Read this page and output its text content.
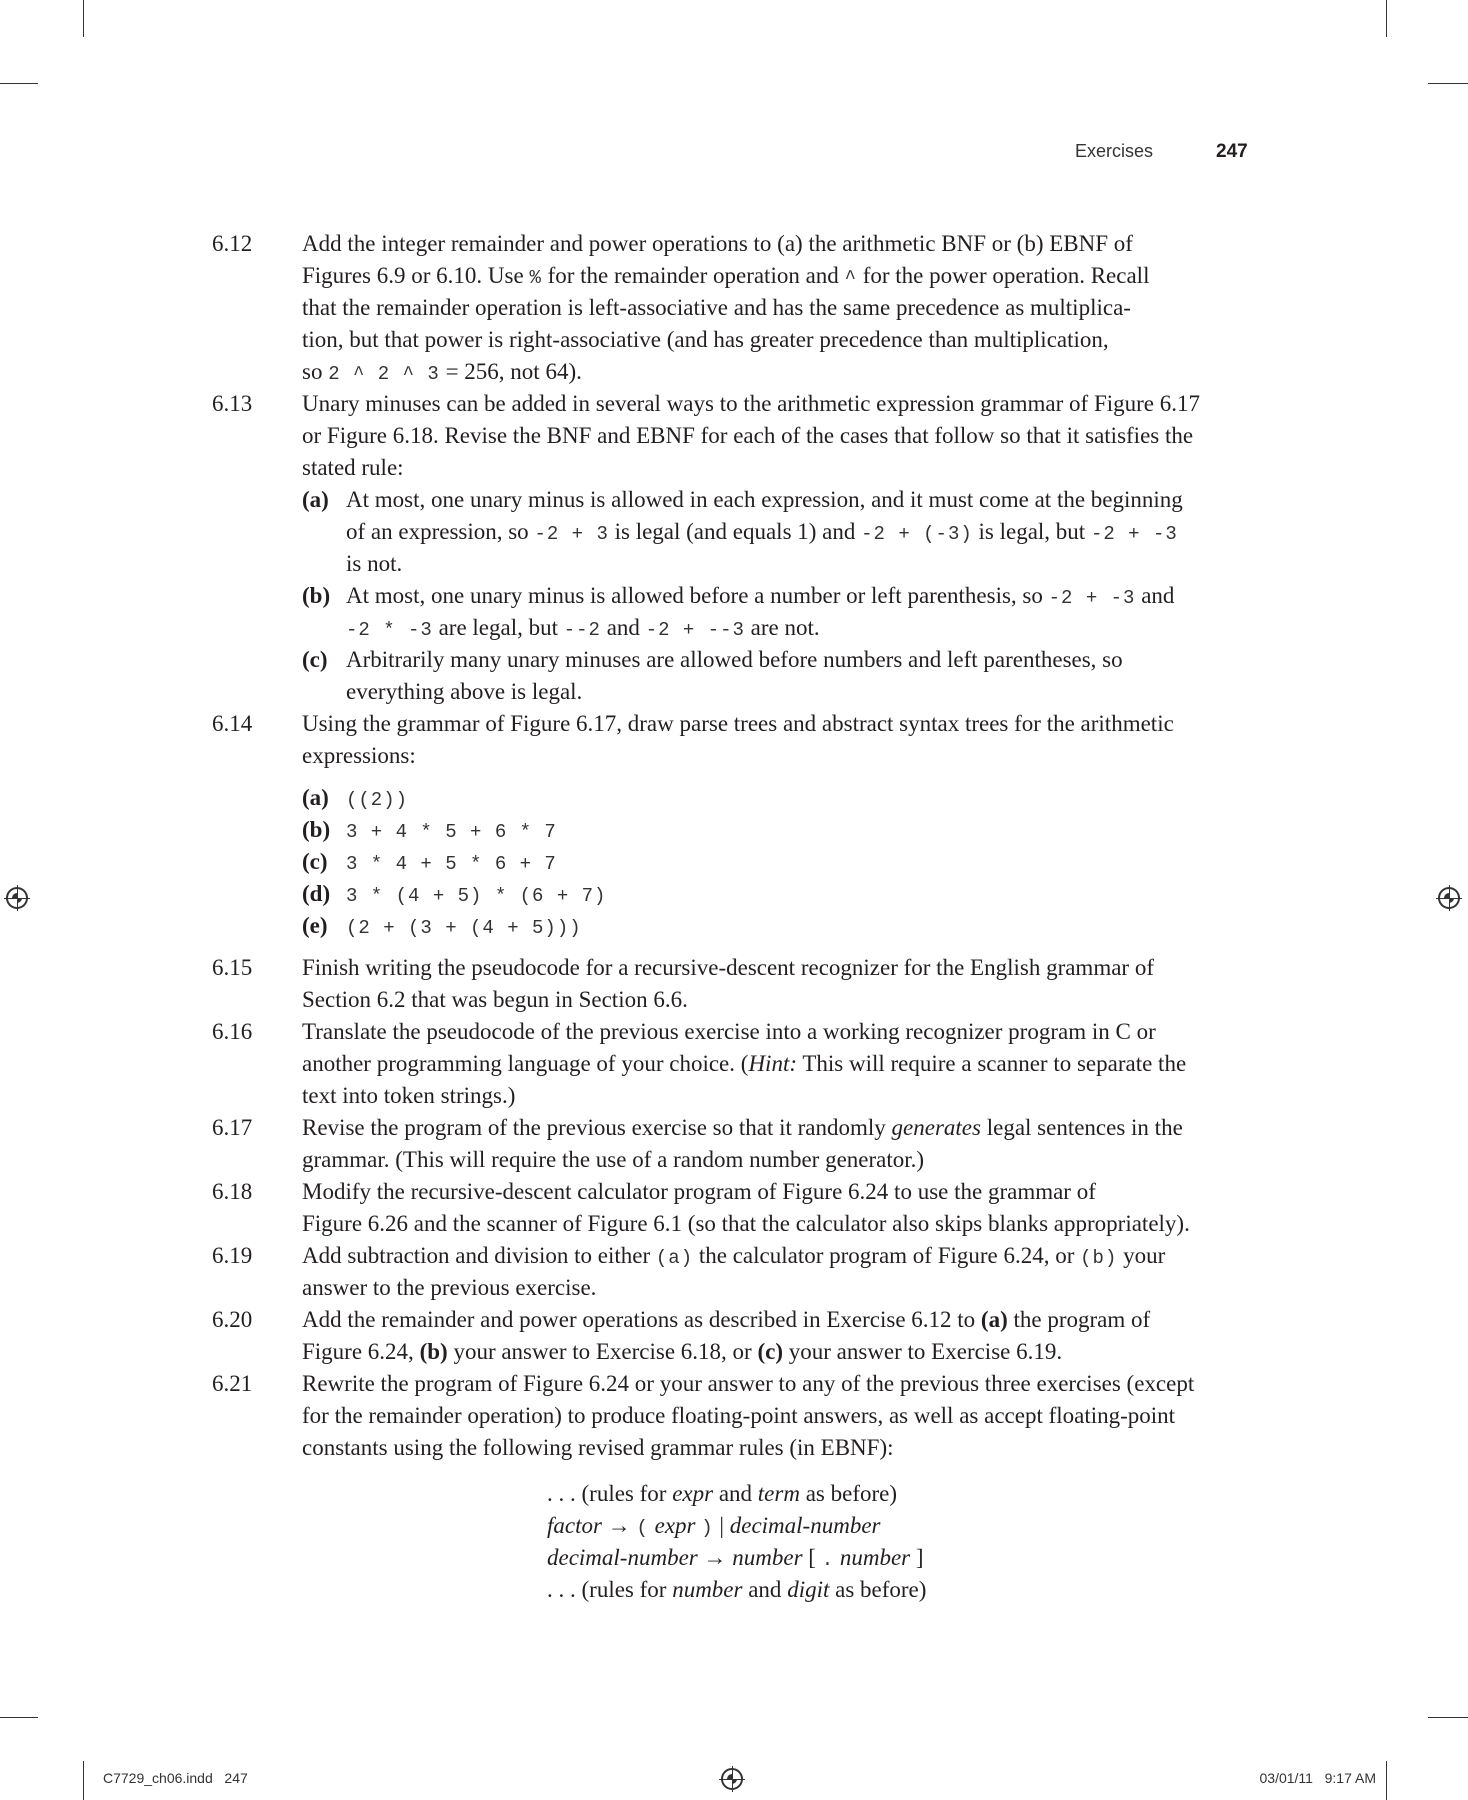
Exercises	247
6.12 Add the integer remainder and power operations to (a) the arithmetic BNF or (b) EBNF of
Figures 6.9 or 6.10. Use % for the remainder operation and ^ for the power operation. Recall
that the remainder operation is left-associative and has the same precedence as multiplica-
tion, but that power is right-associative (and has greater precedence than multiplication,
so 2 ^ 2 ^ 3 = 256, not 64).
6.13 Unary minuses can be added in several ways to the arithmetic expression grammar of Figure 6.17
or Figure 6.18. Revise the BNF and EBNF for each of the cases that follow so that it satisfies the
stated rule:
(a) At most, one unary minus is allowed in each expression, and it must come at the beginning
of an expression, so -2 + 3 is legal (and equals 1) and -2 + (-3) is legal, but -2 + -3
is not.
(b) At most, one unary minus is allowed before a number or left parenthesis, so -2 + -3 and
-2 * -3 are legal, but --2 and -2 + --3 are not.
(c) Arbitrarily many unary minuses are allowed before numbers and left parentheses, so
everything above is legal.
6.14 Using the grammar of Figure 6.17, draw parse trees and abstract syntax trees for the arithmetic
expressions:
(a) ((2))
(b) 3 + 4 * 5 + 6 * 7
(c) 3 * 4 + 5 * 6 + 7
(d) 3 * (4 + 5) * (6 + 7)
(e) (2 + (3 + (4 + 5)))
6.15 Finish writing the pseudocode for a recursive-descent recognizer for the English grammar of
Section 6.2 that was begun in Section 6.6.
6.16 Translate the pseudocode of the previous exercise into a working recognizer program in C or
another programming language of your choice. (Hint: This will require a scanner to separate the
text into token strings.)
6.17 Revise the program of the previous exercise so that it randomly generates legal sentences in the
grammar. (This will require the use of a random number generator.)
6.18 Modify the recursive-descent calculator program of Figure 6.24 to use the grammar of
Figure 6.26 and the scanner of Figure 6.1 (so that the calculator also skips blanks appropriately).
6.19 Add subtraction and division to either (a) the calculator program of Figure 6.24, or (b) your
answer to the previous exercise.
6.20 Add the remainder and power operations as described in Exercise 6.12 to (a) the program of
Figure 6.24, (b) your answer to Exercise 6.18, or (c) your answer to Exercise 6.19.
6.21 Rewrite the program of Figure 6.24 or your answer to any of the previous three exercises (except
for the remainder operation) to produce floating-point answers, as well as accept floating-point
constants using the following revised grammar rules (in EBNF):
. . . (rules for expr and term as before)
factor → ( expr ) | decimal-number
decimal-number → number [ . number ]
. . . (rules for number and digit as before)
C7729_ch06.indd   247	03/01/11   9:17 AM
